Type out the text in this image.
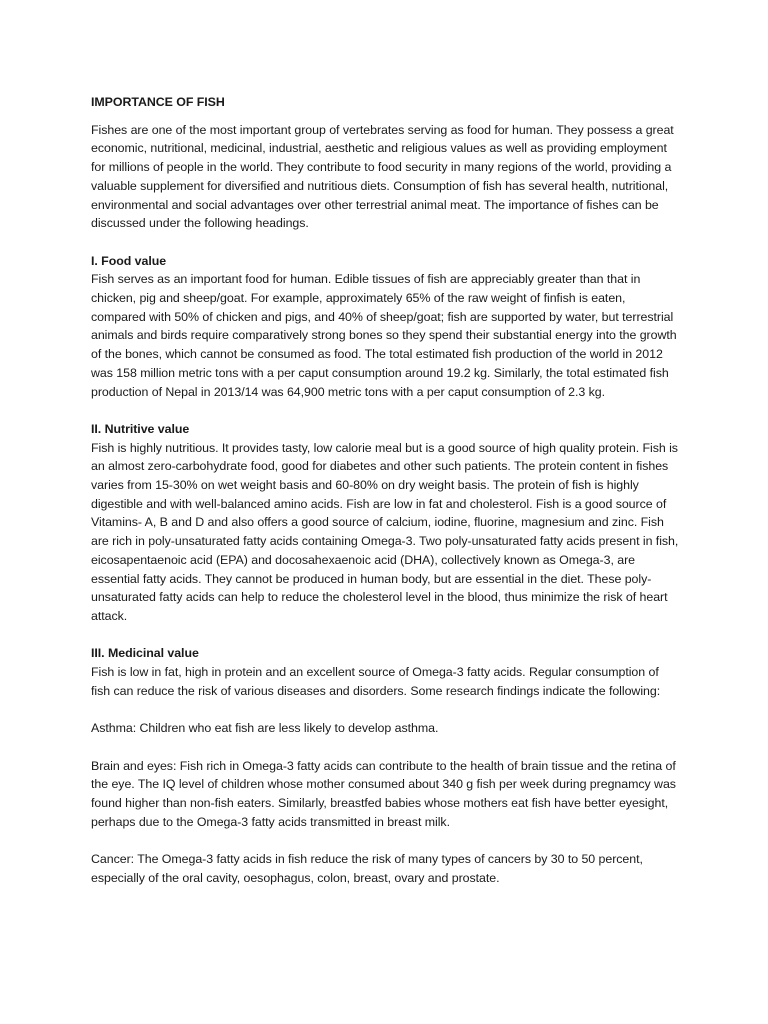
IMPORTANCE OF FISH

Fishes are one of the most important group of vertebrates serving as food for human. They possess a great economic, nutritional, medicinal, industrial, aesthetic and religious values as well as providing employment for millions of people in the world. They contribute to food security in many regions of the world, providing a valuable supplement for diversified and nutritious diets. Consumption of fish has several health, nutritional, environmental and social advantages over other terrestrial animal meat. The importance of fishes can be discussed under the following headings.

I. Food value
Fish serves as an important food for human. Edible tissues of fish are appreciably greater than that in chicken, pig and sheep/goat. For example, approximately 65% of the raw weight of finfish is eaten, compared with 50% of chicken and pigs, and 40% of sheep/goat; fish are supported by water, but terrestrial animals and birds require comparatively strong bones so they spend their substantial energy into the growth of the bones, which cannot be consumed as food. The total estimated fish production of the world in 2012 was 158 million metric tons with a per caput consumption around 19.2 kg. Similarly, the total estimated fish production of Nepal in 2013/14 was 64,900 metric tons with a per caput consumption of 2.3 kg.
II. Nutritive value
Fish is highly nutritious. It provides tasty, low calorie meal but is a good source of high quality protein. Fish is an almost zero-carbohydrate food, good for diabetes and other such patients. The protein content in fishes varies from 15-30% on wet weight basis and 60-80% on dry weight basis. The protein of fish is highly digestible and with well-balanced amino acids. Fish are low in fat and cholesterol. Fish is a good source of Vitamins- A, B and D and also offers a good source of calcium, iodine, fluorine, magnesium and zinc. Fish are rich in poly-unsaturated fatty acids containing Omega-3. Two poly-unsaturated fatty acids present in fish, eicosapentaenoic acid (EPA) and docosahexaenoic acid (DHA), collectively known as Omega-3, are essential fatty acids. They cannot be produced in human body, but are essential in the diet. These poly-unsaturated fatty acids can help to reduce the cholesterol level in the blood, thus minimize the risk of heart attack.
III. Medicinal value
Fish is low in fat, high in protein and an excellent source of Omega-3 fatty acids. Regular consumption of fish can reduce the risk of various diseases and disorders. Some research findings indicate the following:

Asthma: Children who eat fish are less likely to develop asthma.

Brain and eyes: Fish rich in Omega-3 fatty acids can contribute to the health of brain tissue and the retina of the eye. The IQ level of children whose mother consumed about 340 g fish per week during pregnamcy was found higher than non-fish eaters. Similarly, breastfed babies whose mothers eat fish have better eyesight, perhaps due to the Omega-3 fatty acids transmitted in breast milk.

Cancer: The Omega-3 fatty acids in fish reduce the risk of many types of cancers by 30 to 50 percent, especially of the oral cavity, oesophagus, colon, breast, ovary and prostate.
